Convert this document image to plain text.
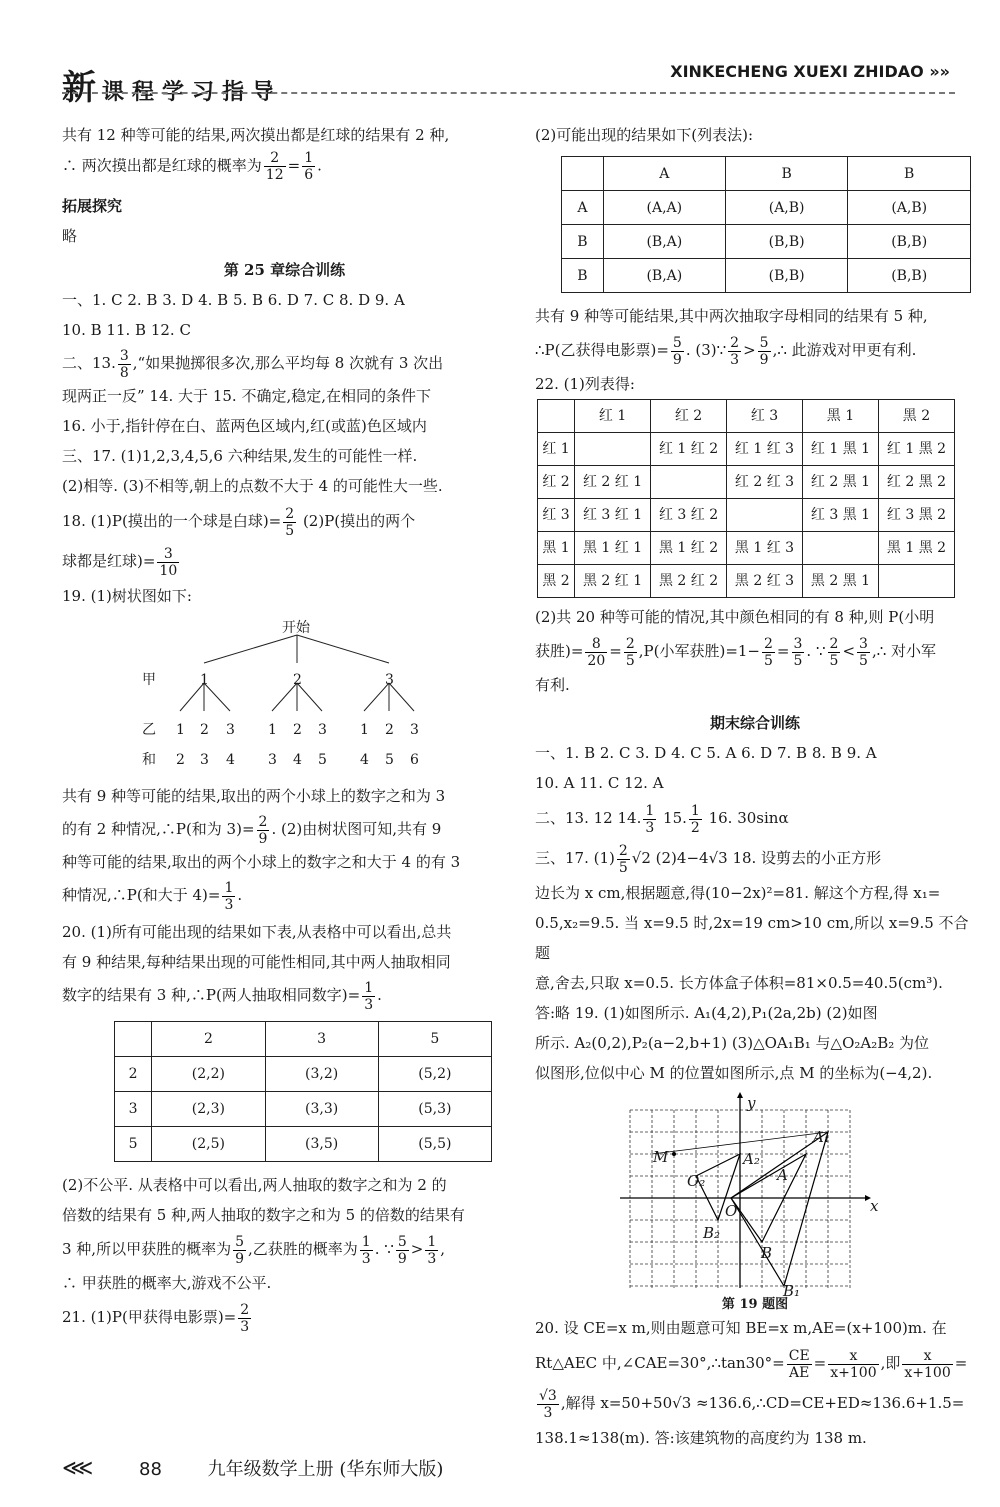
新课程学习指导
XINKECHENG XUEXI ZHIDAO »»

共有 12 种等可能的结果,两次摸出都是红球的结果有 2 种,

∴ 两次摸出都是红球的概率为 $\frac{2}{12} = \frac{1}{6}$ .

拓展探究

略

第 25 章综合训练

一、1. C 2. B 3. D 4. B 5. B 6. D 7. C 8. D 9. A

10. B 11. B 12. C

二、13. $\frac{3}{8}$ ,“如果抛掷很多次,那么平均每 8 次就有 3 次出

现两正一反” 14. 大于 15. 不确定,稳定,在相同的条件下

16. 小于,指针停在白、蓝两色区域内,红(或蓝)色区域内

三、17. (1)1,2,3,4,5,6 六种结果,发生的可能性一样.

(2)相等. (3)不相等,朝上的点数不大于 4 的可能性大一些.

18. (1)P(摸出的一个球是白球)= $\frac{2}{5} (2)P$(摸出的两个

球都是红球)= $\frac{3}{10}$

19. (1)树状图如下:

开始
甲	1	2	3
乙 1 2 3 1 2 3 1 2 3
和 2 3 4 3 4 5 4 5 6

共有 9 种等可能的结果,取出的两个小球上的数字之和为 3

的有 2 种情况,∴P(和为 $3)= \frac{2}{9}$ . (2)由树状图可知,共有 9

种等可能的结果,取出的两个小球上的数字之和大于 4 的有 3

种情况,∴P(和大于 $4)= \frac{1}{3}$ .

20. (1)所有可能出现的结果如下表,从表格中可以看出,总共

有 9 种结果,每种结果出现的可能性相同,其中两人抽取相同

数字的结果有 3 种,∴P(两人抽取相同数字)= $\frac{1}{3}$ .

	2	3	5
2	(2,2)	(3,2)	(5,2)
3	(2,3)	(3,3)	(5,3)
5	(2,5)	(3,5)	(5,5)

(2)不公平. 从表格中可以看出,两人抽取的数字之和为 2 的

倍数的结果有 5 种,两人抽取的数字之和为 5 的倍数的结果有

3 种,所以甲获胜的概率为 $\frac{5}{9}$ ,乙获胜的概率为 $\frac{1}{3}$ . ∵ $\frac{5}{9} > \frac{1}{3}$ ,

∴ 甲获胜的概率大,游戏不公平.

21. (1)P(甲获得电影票)= $\frac{2}{3}$

(2)可能出现的结果如下(列表法):

	A	B	B
A	(A,A)	(A,B)	(A,B)
B	(B,A)	(B,B)	(B,B)
B	(B,A)	(B,B)	(B,B)

共有 9 种等可能结果,其中两次抽取字母相同的结果有 5 种,

∴P(乙获得电影票)= $\frac{5}{9}$ . (3)∵ $\frac{2}{3} > \frac{5}{9}$ ,∴ 此游戏对甲更有利.

22. (1)列表得:

	红 1	红 2	红 3	黑 1	黑 2
红 1		红 1 红 2	红 1 红 3	红 1 黑 1	红 1 黑 2
红 2	红 2 红 1		红 2 红 3	红 2 黑 1	红 2 黑 2
红 3	红 3 红 1	红 3 红 2		红 3 黑 1	红 3 黑 2
黑 1	黑 1 红 1	黑 1 红 2	黑 1 红 3		黑 1 黑 2
黑 2	黑 2 红 1	黑 2 红 2	黑 2 红 3	黑 2 黑 1	

(2)共 20 种等可能的情况,其中颜色相同的有 8 种,则 P(小明

获胜)= $\frac{8}{20} = \frac{2}{5} ,P$(小军获胜)$=1- \frac{2}{5} = \frac{3}{5}$ . ∵ $\frac{2}{5} < \frac{3}{5}$ ,∴ 对小军

有利.

期末综合训练

一、1. B 2. C 3. D 4. C 5. A 6. D 7. B 8. B 9. A

10. A 11. C 12. A

二、13. 12 14. $\frac{1}{3} 15$. $\frac{1}{2} 16$. 30sinα

三、17. $(1) \frac{2}{5} √2$ (2)4−4√3 18. 设剪去的小正方形

边长为 x cm,根据题意,得(10−2x)²=81. 解这个方程,得 x₁=

0.5,x₂=9.5. 当 x=9.5 时,2x=19 cm>10 cm,所以 x=9.5 不合题

意,舍去,只取 x=0.5. 长方体盒子体积=81×0.5=40.5(cm³).

答:略 19. (1)如图所示. A₁(4,2),P₁(2a,2b) (2)如图

所示. A₂(0,2),P₂(a−2,b+1) (3)△OA₁B₁ 与△O₂A₂B₂ 为位

似图形,位似中心 M 的位置如图所示,点 M 的坐标为(−4,2).

y
x
M
O₂
O
A₂
A
A₁
B₂
B
B₁
第 19 题图

20. 设 CE=x m,则由题意可知 BE=x m,AE=(x+100)m. 在

Rt△AEC 中,∠CAE=30°,∴tan30°= $\frac{CE}{AE} = \frac{x}{x+100}$ ,即 $\frac{x}{x+100}$ =

$\frac{√3}{3}$ ,解得 x=50+50√3 ≈136.6,∴CD=CE+ED≈136.6+1.5=

138.1≈138(m). 答:该建筑物的高度约为 138 m.

⋘	88	九年级数学上册 (华东师大版)
